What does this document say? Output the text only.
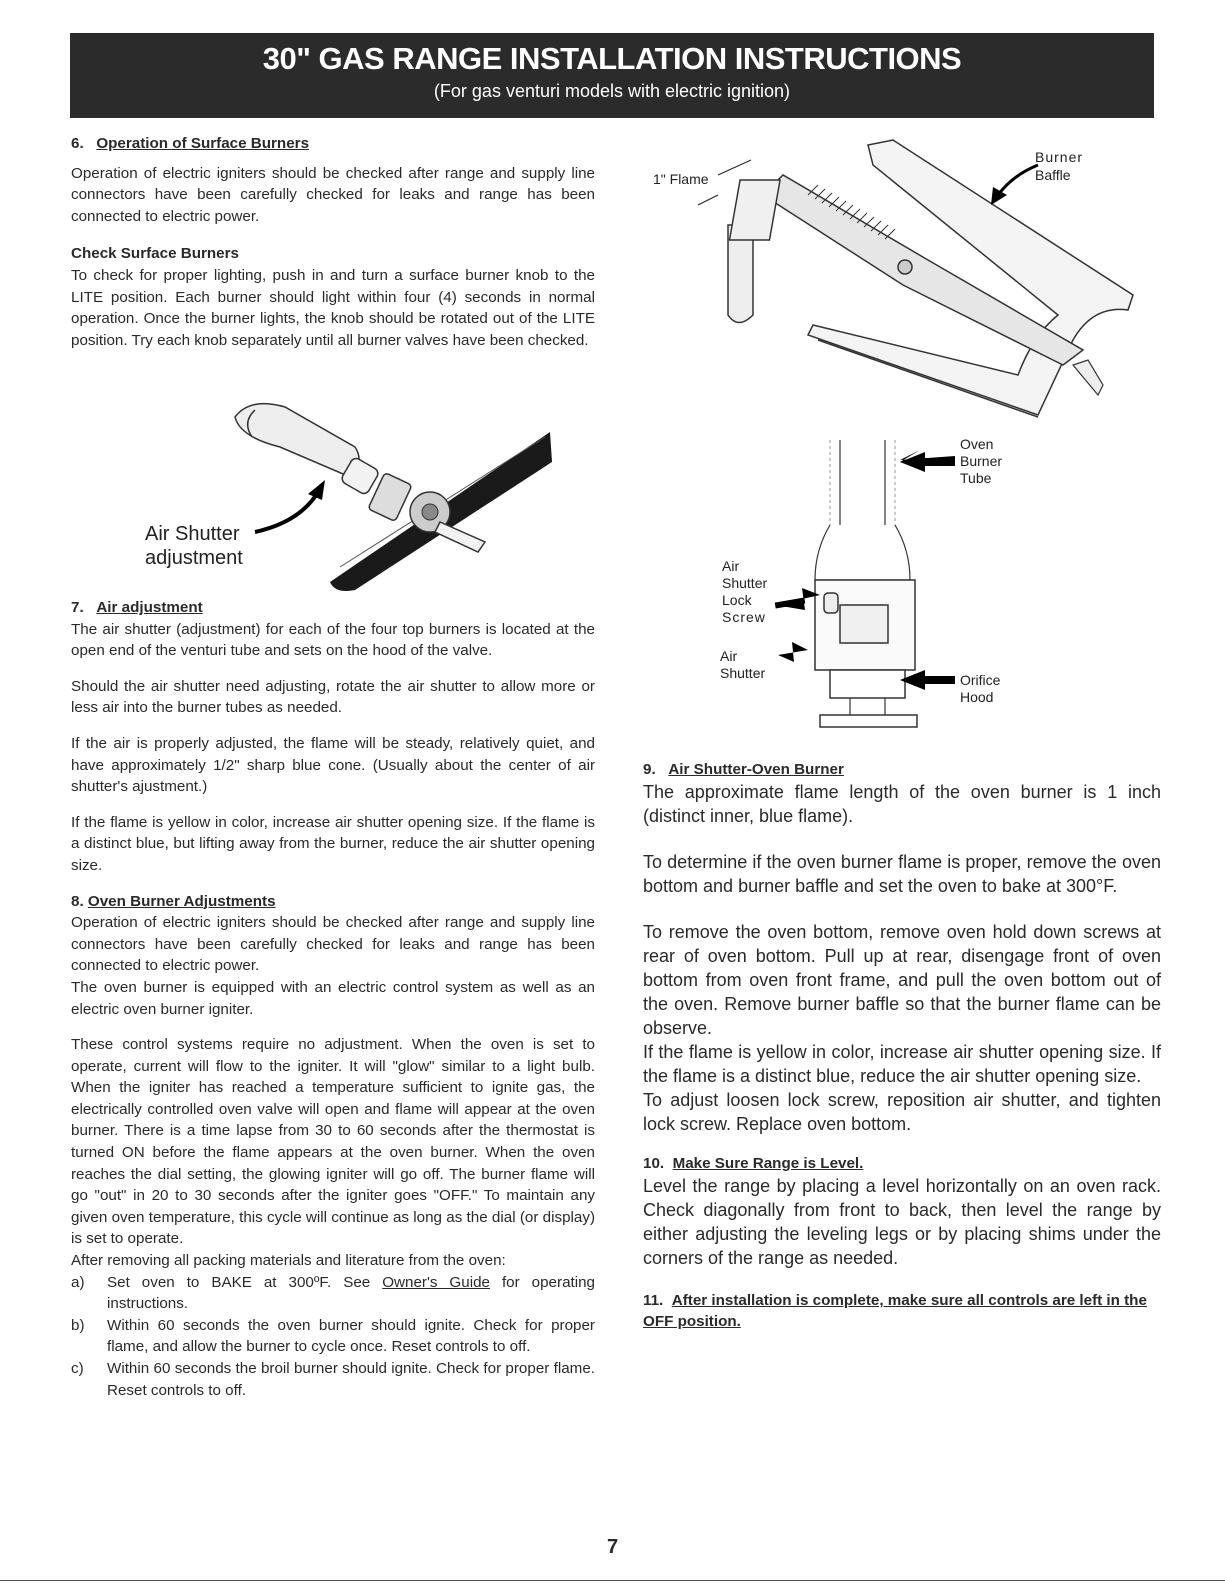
30" GAS RANGE INSTALLATION INSTRUCTIONS
(For gas venturi models with electric ignition)

6. Operation of Surface Burners

Operation of electric igniters should be checked after range and supply line connectors have been carefully checked for leaks and range has been connected to electric power.

Check Surface Burners

To check for proper lighting, push in and turn a surface burner knob to the LITE position. Each burner should light within four (4) seconds in normal operation. Once the burner lights, the knob should be rotated out of the LITE position. Try each knob separately until all burner valves have been checked.

Air Shutter
adjustment

7. Air adjustment

The air shutter (adjustment) for each of the four top burners is located at the open end of the venturi tube and sets on the hood of the valve.

Should the air shutter need adjusting, rotate the air shutter to allow more or less air into the burner tubes as needed.

If the air is properly adjusted, the flame will be steady, relatively quiet, and have approximately 1/2" sharp blue cone. (Usually about the center of air shutter's ajustment.)

If the flame is yellow in color, increase air shutter opening size. If the flame is a distinct blue, but lifting away from the burner, reduce the air shutter opening size.

8. Oven Burner Adjustments

Operation of electric igniters should be checked after range and supply line connectors have been carefully checked for leaks and range has been connected to electric power.

The oven burner is equipped with an electric control system as well as an electric oven burner igniter.

These control systems require no adjustment. When the oven is set to operate, current will flow to the igniter. It will "glow" similar to a light bulb. When the igniter has reached a temperature sufficient to ignite gas, the electrically controlled oven valve will open and flame will appear at the oven burner. There is a time lapse from 30 to 60 seconds after the thermostat is turned ON before the flame appears at the oven burner. When the oven reaches the dial setting, the glowing igniter will go off. The burner flame will go "out" in 20 to 30 seconds after the igniter goes "OFF." To maintain any given oven temperature, this cycle will continue as long as the dial (or display) is set to operate.

After removing all packing materials and literature from the oven:

a)	Set oven to BAKE at 300ºF. See Owner's Guide for operating instructions.
b)	Within 60 seconds the oven burner should ignite. Check for proper flame, and allow the burner to cycle once. Reset controls to off.
c)	Within 60 seconds the broil burner should ignite. Check for proper flame. Reset controls to off.
1" Flame
Burner
Baffle
Oven
Burner
Tube
Air
Shutter
Lock
Screw
Air
Shutter	Orifice
Hood

9. Air Shutter-Oven Burner

The approximate flame length of the oven burner is 1 inch (distinct inner, blue flame).

To determine if the oven burner flame is proper, remove the oven bottom and burner baffle and set the oven to bake at 300°F.

To remove the oven bottom, remove oven hold down screws at rear of oven bottom. Pull up at rear, disengage front of oven bottom from oven front frame, and pull the oven bottom out of the oven. Remove burner baffle so that the burner flame can be observe.

If the flame is yellow in color, increase air shutter opening size. If the flame is a distinct blue, reduce the air shutter opening size.

To adjust loosen lock screw, reposition air shutter, and tighten lock screw. Replace oven bottom.

10. Make Sure Range is Level.

Level the range by placing a level horizontally on an oven rack. Check diagonally from front to back, then level the range by either adjusting the leveling legs or by placing shims under the corners of the range as needed.

11. After installation is complete, make sure all controls are left in the OFF position.

7
